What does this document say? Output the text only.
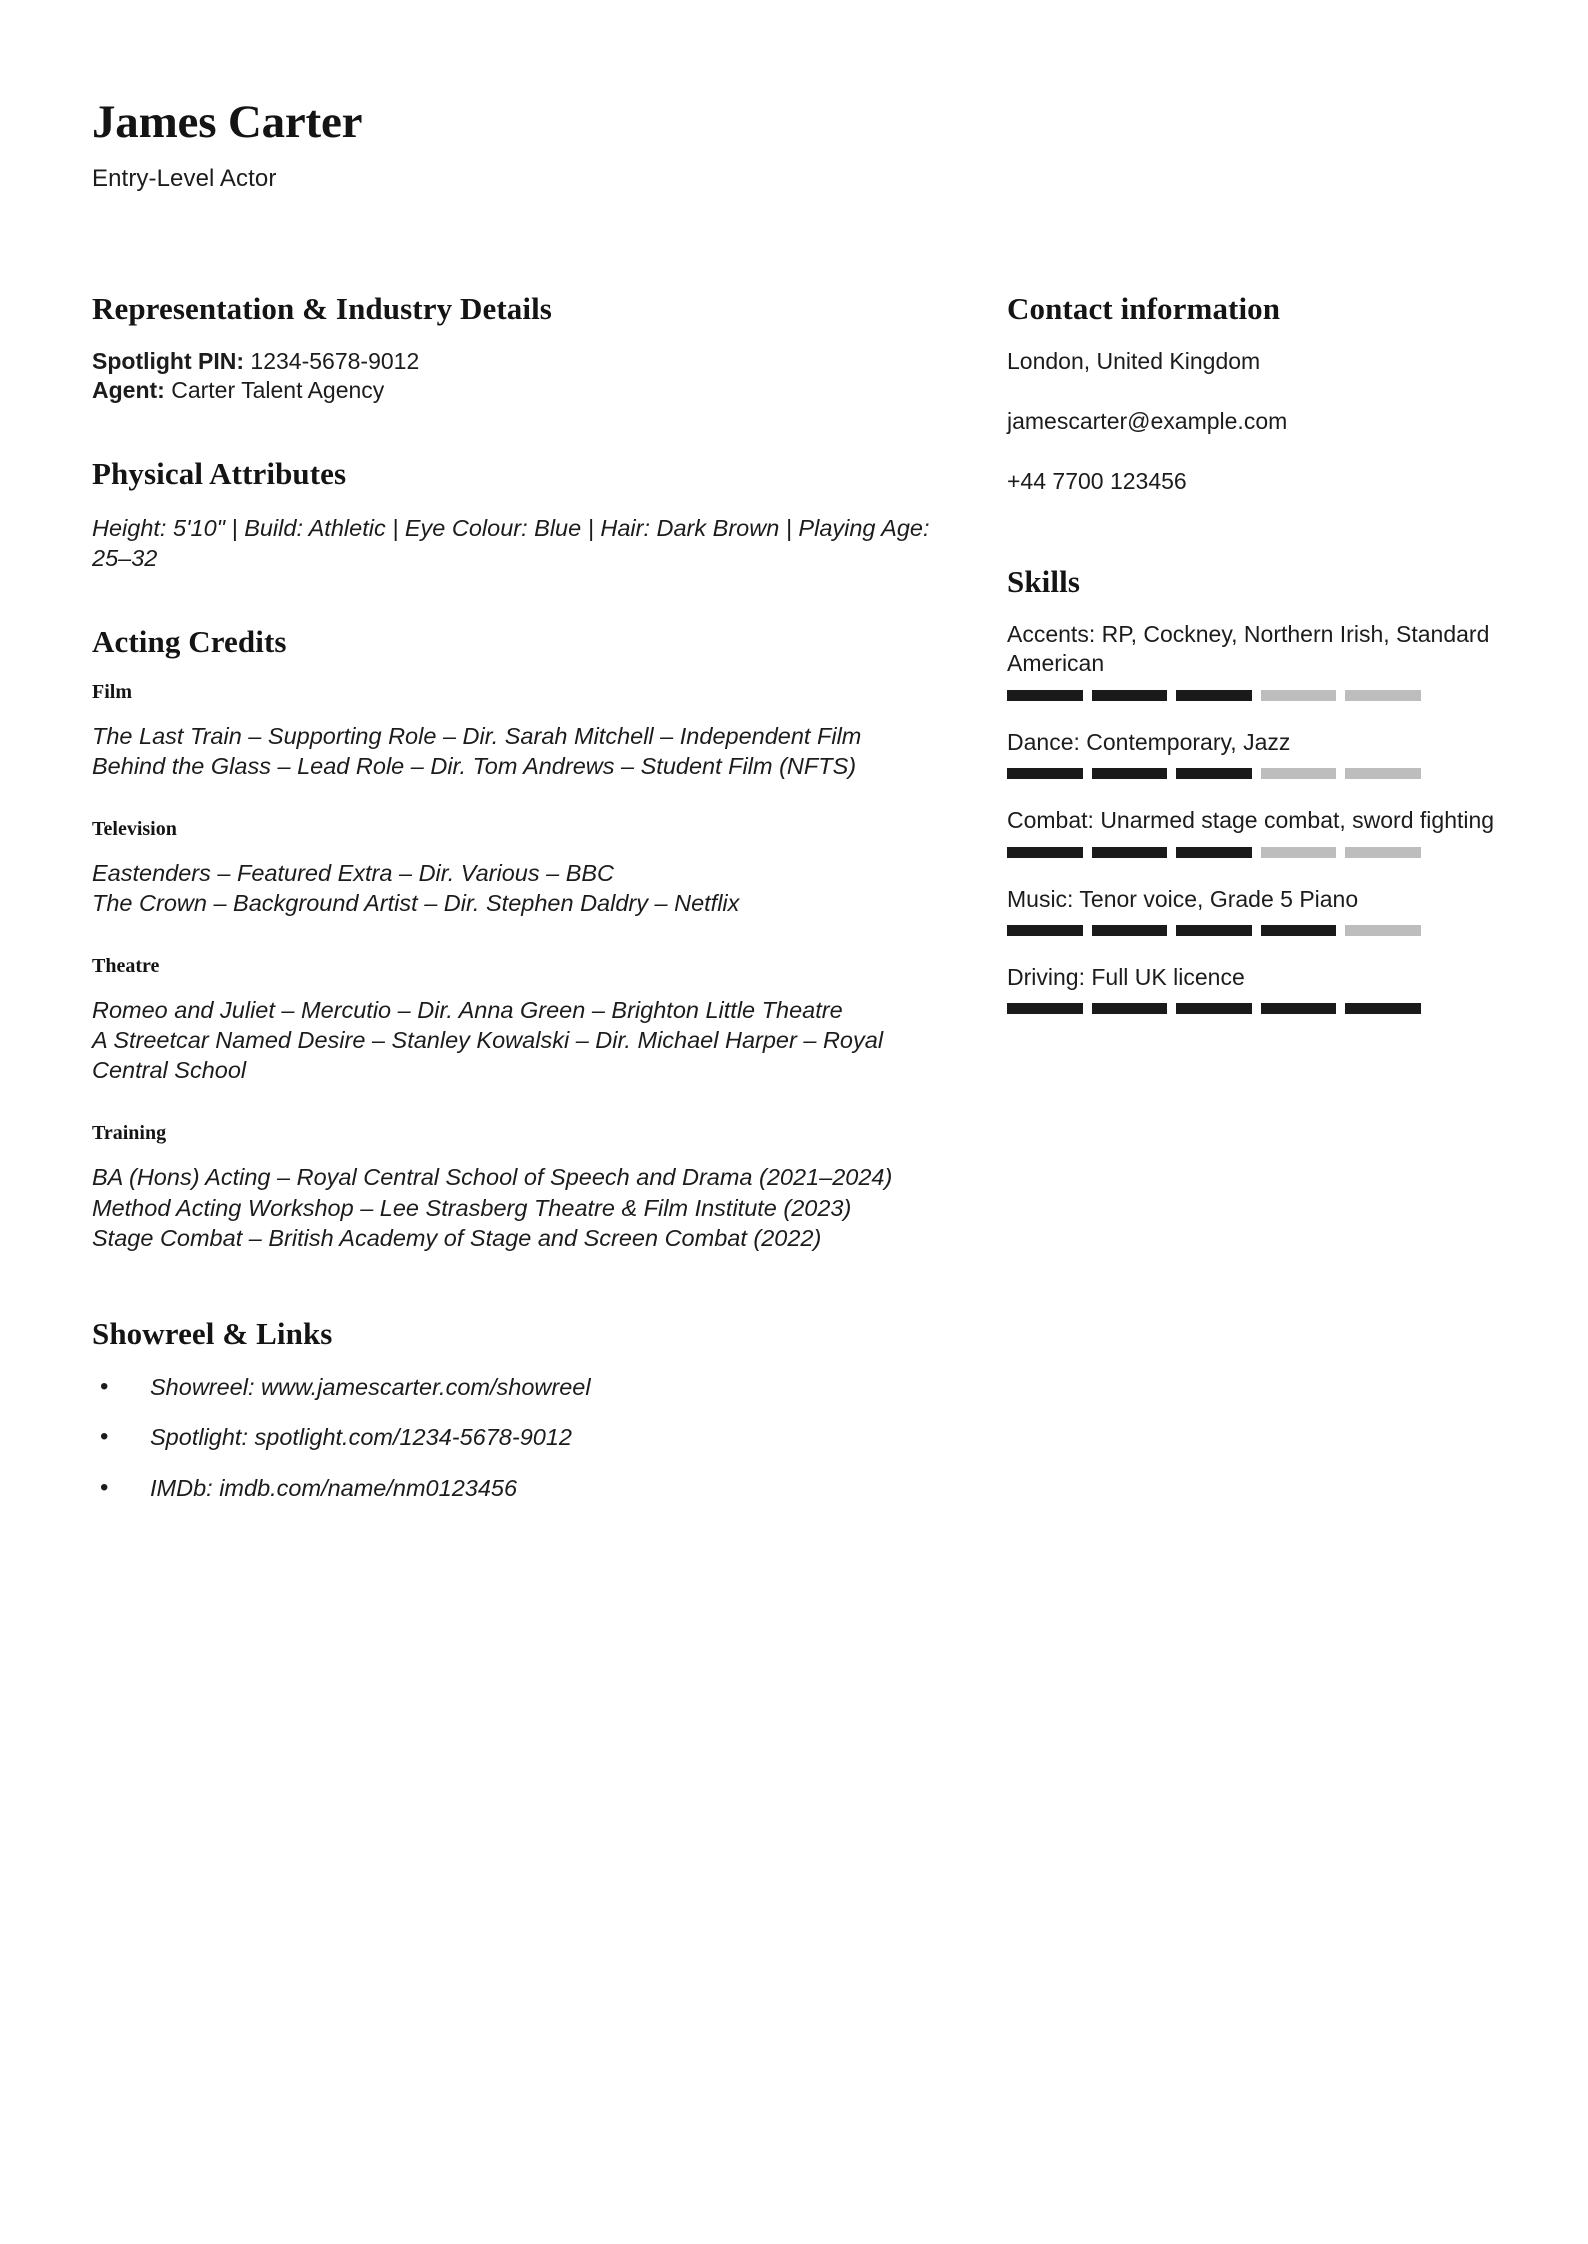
James Carter

Entry-Level Actor

Representation & Industry Details

Spotlight PIN: 1234-5678-9012

Agent: Carter Talent Agency

Physical Attributes

Height: 5'10" | Build: Athletic | Eye Colour: Blue | Hair: Dark Brown | Playing Age: 25–32

Acting Credits
Film

The Last Train – Supporting Role – Dir. Sarah Mitchell – Independent Film

Behind the Glass – Lead Role – Dir. Tom Andrews – Student Film (NFTS)

Television

Eastenders – Featured Extra – Dir. Various – BBC

The Crown – Background Artist – Dir. Stephen Daldry – Netflix

Theatre

Romeo and Juliet – Mercutio – Dir. Anna Green – Brighton Little Theatre

A Streetcar Named Desire – Stanley Kowalski – Dir. Michael Harper – Royal Central School

Training

BA (Hons) Acting – Royal Central School of Speech and Drama (2021–2024)

Method Acting Workshop – Lee Strasberg Theatre & Film Institute (2023)

Stage Combat – British Academy of Stage and Screen Combat (2022)

Showreel & Links
• Showreel: www.jamescarter.com/showreel
• Spotlight: spotlight.com/1234-5678-9012
• IMDb: imdb.com/name/nm0123456
Contact information

London, United Kingdom

jamescarter@example.com

+44 7700 123456

Skills

Accents: RP, Cockney, Northern Irish, Standard American

Dance: Contemporary, Jazz

Combat: Unarmed stage combat, sword fighting

Music: Tenor voice, Grade 5 Piano

Driving: Full UK licence
